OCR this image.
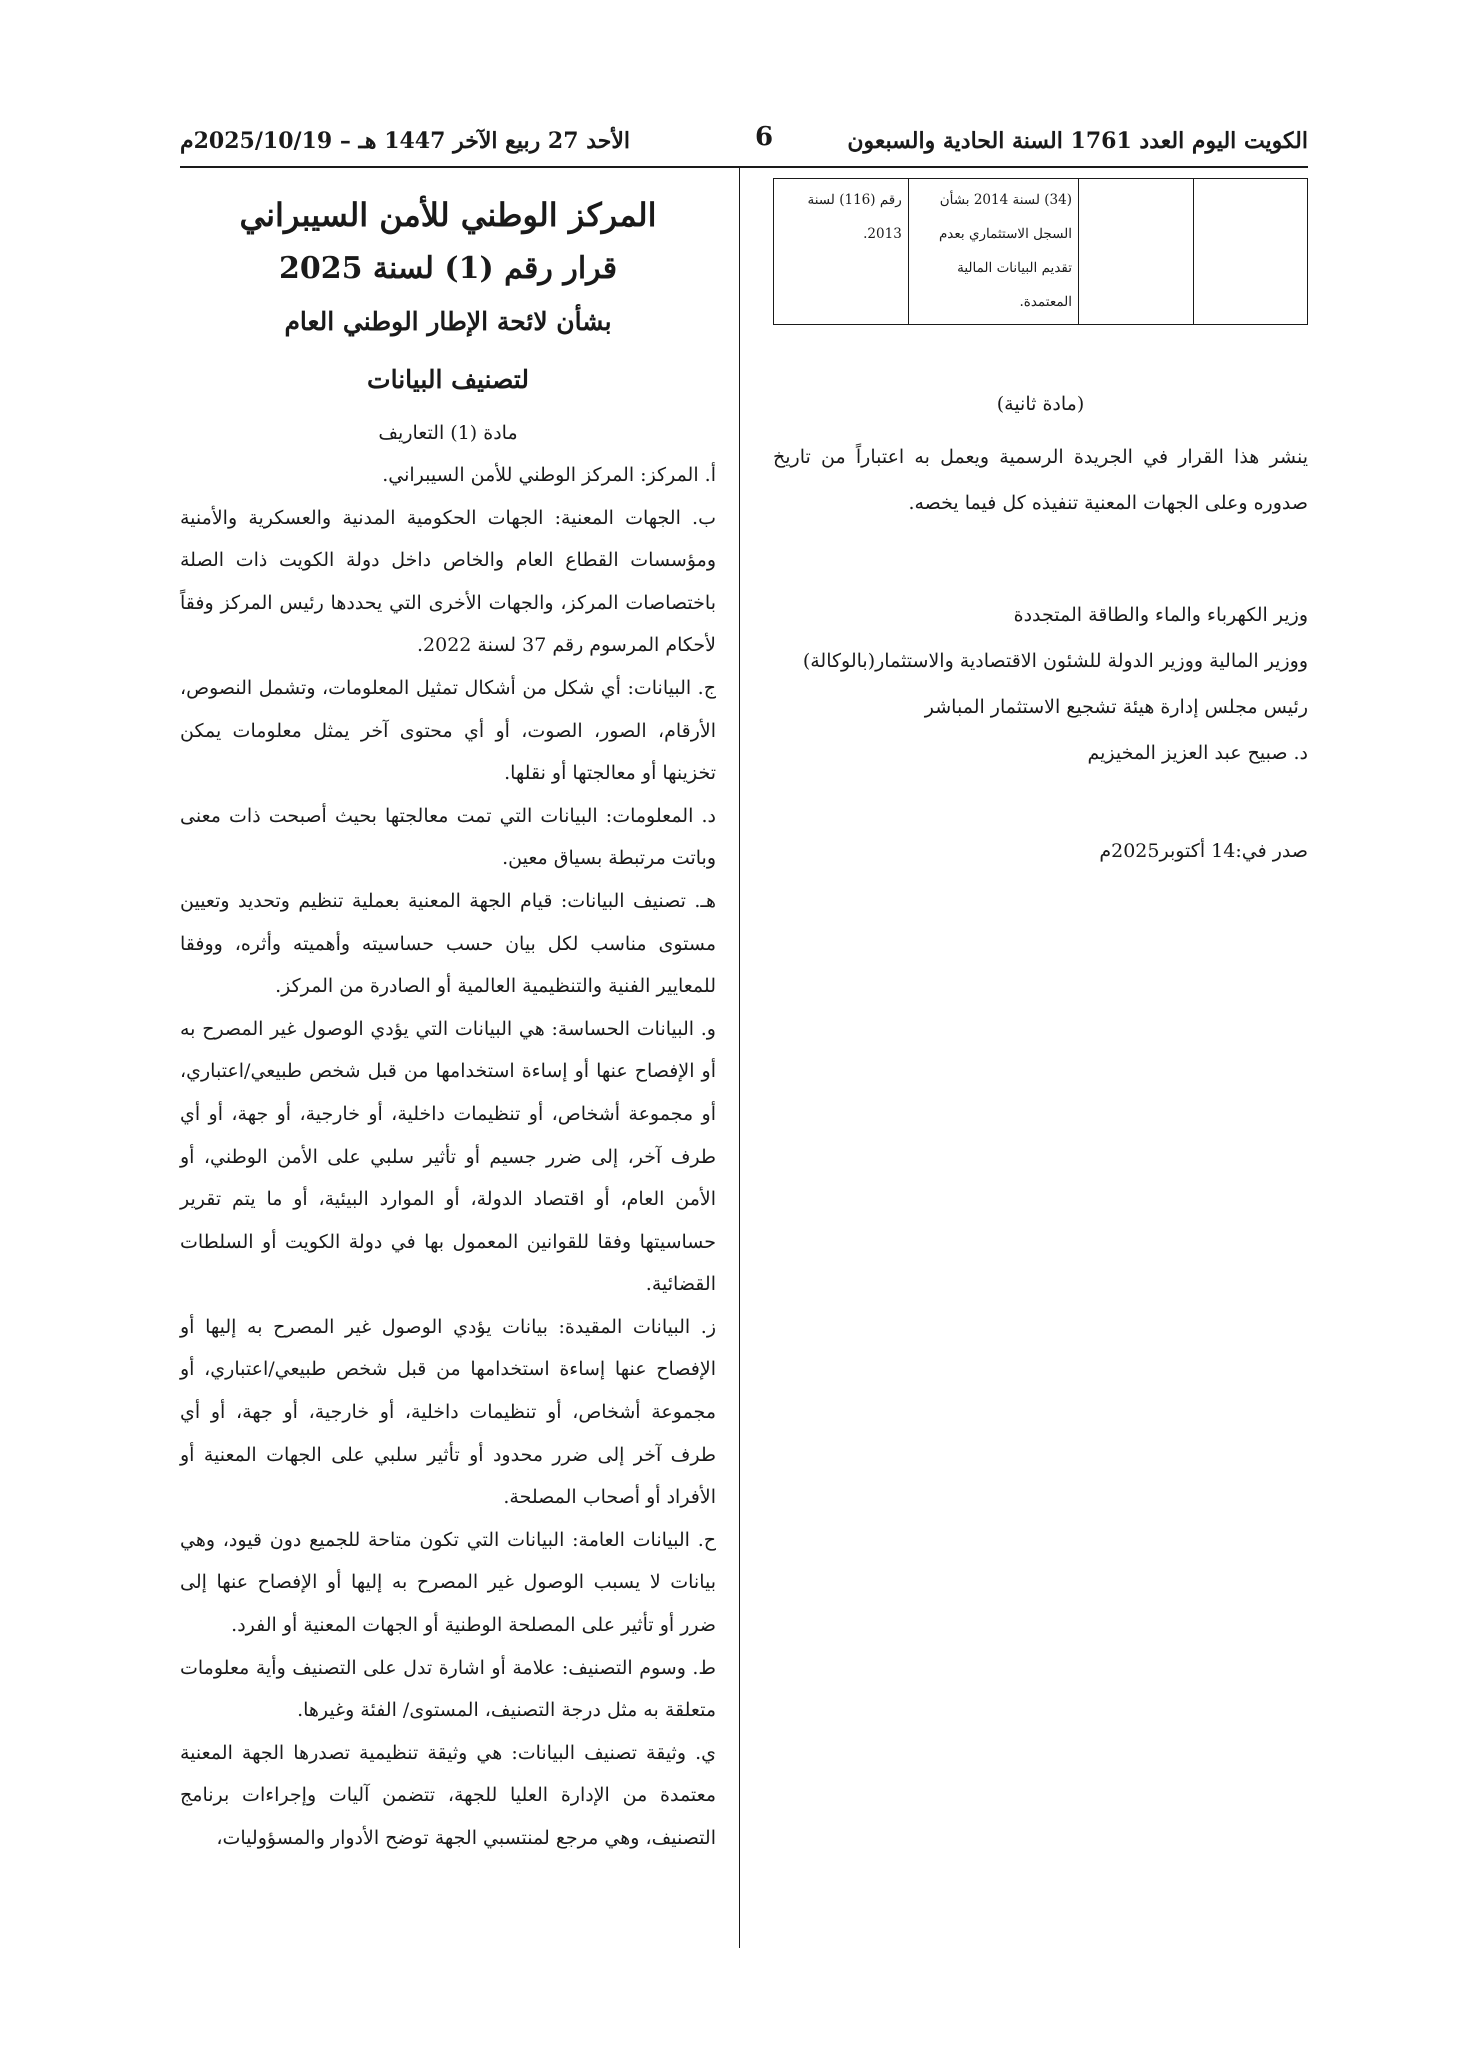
الكويت اليوم العدد 1761 السنة الحادية والسبعون
6
الأحد 27 ربيع الآخر 1447 هـ – 2025/10/19م
		(34) لسنة 2014 بشأن السجل الاستثماري بعدم تقديم البيانات المالية المعتمدة.	رقم (116) لسنة 2013.
(مادة ثانية)
ينشر هذا القرار في الجريدة الرسمية ويعمل به اعتباراً من تاريخ صدوره وعلى الجهات المعنية تنفيذه كل فيما يخصه.
وزير الكهرباء والماء والطاقة المتجددة
ووزير المالية ووزير الدولة للشئون الاقتصادية والاستثمار(بالوكالة)
رئيس مجلس إدارة هيئة تشجيع الاستثمار المباشر
د. صبيح عبد العزيز المخيزيم
صدر في:14 أكتوبر2025م
المركز الوطني للأمن السيبراني
قرار رقم (1) لسنة 2025
بشأن لائحة الإطار الوطني العام
لتصنيف البيانات
مادة (1) التعاريف

أ. المركز: المركز الوطني للأمن السيبراني.

ب. الجهات المعنية: الجهات الحكومية المدنية والعسكرية والأمنية ومؤسسات القطاع العام والخاص داخل دولة الكويت ذات الصلة باختصاصات المركز، والجهات الأخرى التي يحددها رئيس المركز وفقاً لأحكام المرسوم رقم 37 لسنة 2022.

ج. البيانات: أي شكل من أشكال تمثيل المعلومات، وتشمل النصوص، الأرقام، الصور، الصوت، أو أي محتوى آخر يمثل معلومات يمكن تخزينها أو معالجتها أو نقلها.

د. المعلومات: البيانات التي تمت معالجتها بحيث أصبحت ذات معنى وباتت مرتبطة بسياق معين.

هـ. تصنيف البيانات: قيام الجهة المعنية بعملية تنظيم وتحديد وتعيين مستوى مناسب لكل بيان حسب حساسيته وأهميته وأثره، ووفقا للمعايير الفنية والتنظيمية العالمية أو الصادرة من المركز.

و. البيانات الحساسة: هي البيانات التي يؤدي الوصول غير المصرح به أو الإفصاح عنها أو إساءة استخدامها من قبل شخص طبيعي/اعتباري، أو مجموعة أشخاص، أو تنظيمات داخلية، أو خارجية، أو جهة، أو أي طرف آخر، إلى ضرر جسيم أو تأثير سلبي على الأمن الوطني، أو الأمن العام، أو اقتصاد الدولة، أو الموارد البيئية، أو ما يتم تقرير حساسيتها وفقا للقوانين المعمول بها في دولة الكويت أو السلطات القضائية.

ز. البيانات المقيدة: بيانات يؤدي الوصول غير المصرح به إليها أو الإفصاح عنها إساءة استخدامها من قبل شخص طبيعي/اعتباري، أو مجموعة أشخاص، أو تنظيمات داخلية، أو خارجية، أو جهة، أو أي طرف آخر إلى ضرر محدود أو تأثير سلبي على الجهات المعنية أو الأفراد أو أصحاب المصلحة.

ح. البيانات العامة: البيانات التي تكون متاحة للجميع دون قيود، وهي بيانات لا يسبب الوصول غير المصرح به إليها أو الإفصاح عنها إلى ضرر أو تأثير على المصلحة الوطنية أو الجهات المعنية أو الفرد.

ط. وسوم التصنيف: علامة أو اشارة تدل على التصنيف وأية معلومات متعلقة به مثل درجة التصنيف، المستوى/ الفئة وغيرها.

ي. وثيقة تصنيف البيانات: هي وثيقة تنظيمية تصدرها الجهة المعنية معتمدة من الإدارة العليا للجهة، تتضمن آليات وإجراءات برنامج التصنيف، وهي مرجع لمنتسبي الجهة توضح الأدوار والمسؤوليات،
